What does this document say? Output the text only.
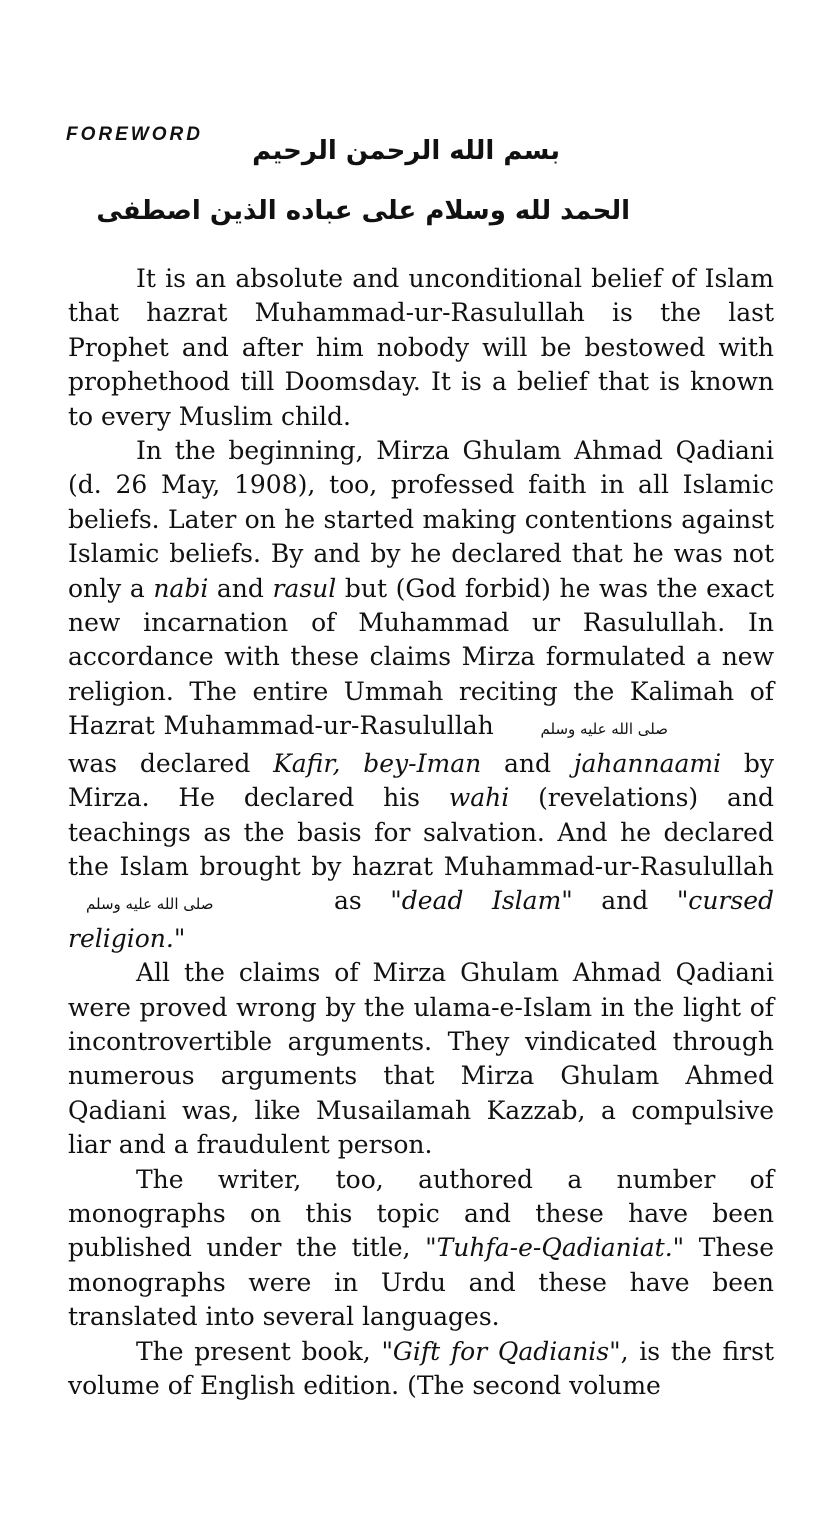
FOREWORD
بسم الله الرحمن الرحيم
الحمد لله وسلام على عباده الذين اصطفى

It is an absolute and unconditional belief of Islam that hazrat Muhammad-ur-Rasulullah is the last Prophet and after him nobody will be bestowed with prophethood till Doomsday. It is a belief that is known to every Muslim child.

In the beginning, Mirza Ghulam Ahmad Qadiani (d. 26 May, 1908), too, professed faith in all Islamic beliefs. Later on he started making contentions against Islamic beliefs. By and by he declared that he was not only a nabi and rasul but (God forbid) he was the exact new incarnation of Muhammad ur Rasulullah. In accordance with these claims Mirza formulated a new religion. The entire Ummah reciting the Kalimah of Hazrat Muhammad-ur-Rasulullah	صلى الله عليه وسلم was declared Kafir, bey-Iman and jahannaami by Mirza. He declared his wahi (revelations) and teachings as the basis for salvation. And he declared the Islam brought by hazrat Muhammad-ur-Rasulullah صلى الله عليه وسلم	as "dead Islam" and "cursed religion."

All the claims of Mirza Ghulam Ahmad Qadiani were proved wrong by the ulama-e-Islam in the light of incontrovertible arguments. They vindicated through numerous arguments that Mirza Ghulam Ahmed Qadiani was, like Musailamah Kazzab, a compulsive liar and a fraudulent person.

The writer, too, authored a number of monographs on this topic and these have been published under the title, "Tuhfa-e-Qadianiat." These monographs were in Urdu and these have been translated into several languages.

The present book, "Gift for Qadianis", is the first volume of English edition. (The second volume
